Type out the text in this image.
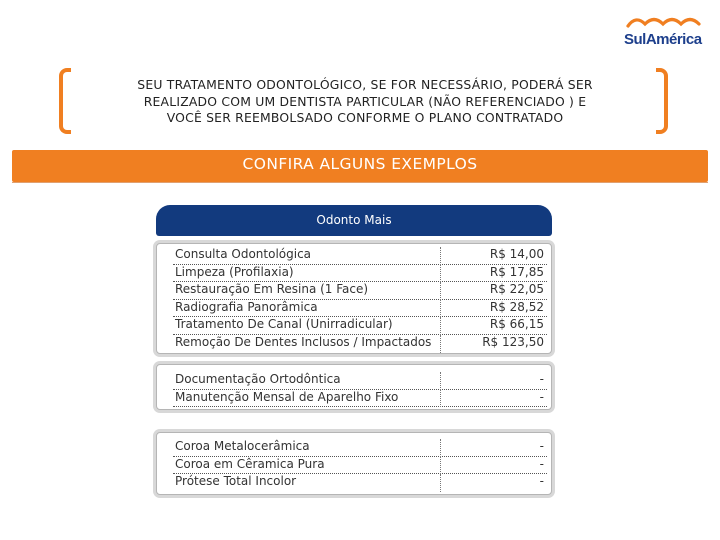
SulAmérica
SEU TRATAMENTO ODONTOLÓGICO, SE FOR NECESSÁRIO, PODERÁ SER
REALIZADO COM UM DENTISTA PARTICULAR (NÃO REFERENCIADO ) E
VOCÊ SER REEMBOLSADO CONFORME O PLANO CONTRATADO
CONFIRA ALGUNS EXEMPLOS
Odonto Mais
Consulta Odontológica	R$ 14,00
Limpeza (Profilaxia)	R$ 17,85
Restauração Em Resina (1 Face)	R$ 22,05
Radiografia Panorâmica	R$ 28,52
Tratamento De Canal (Unirradicular)	R$ 66,15
Remoção De Dentes Inclusos / Impactados	R$ 123,50
Documentação Ortodôntica	-
Manutenção Mensal de Aparelho Fixo	-
Coroa Metalocerâmica	-
Coroa em Cêramica Pura	-
Prótese Total Incolor	-
